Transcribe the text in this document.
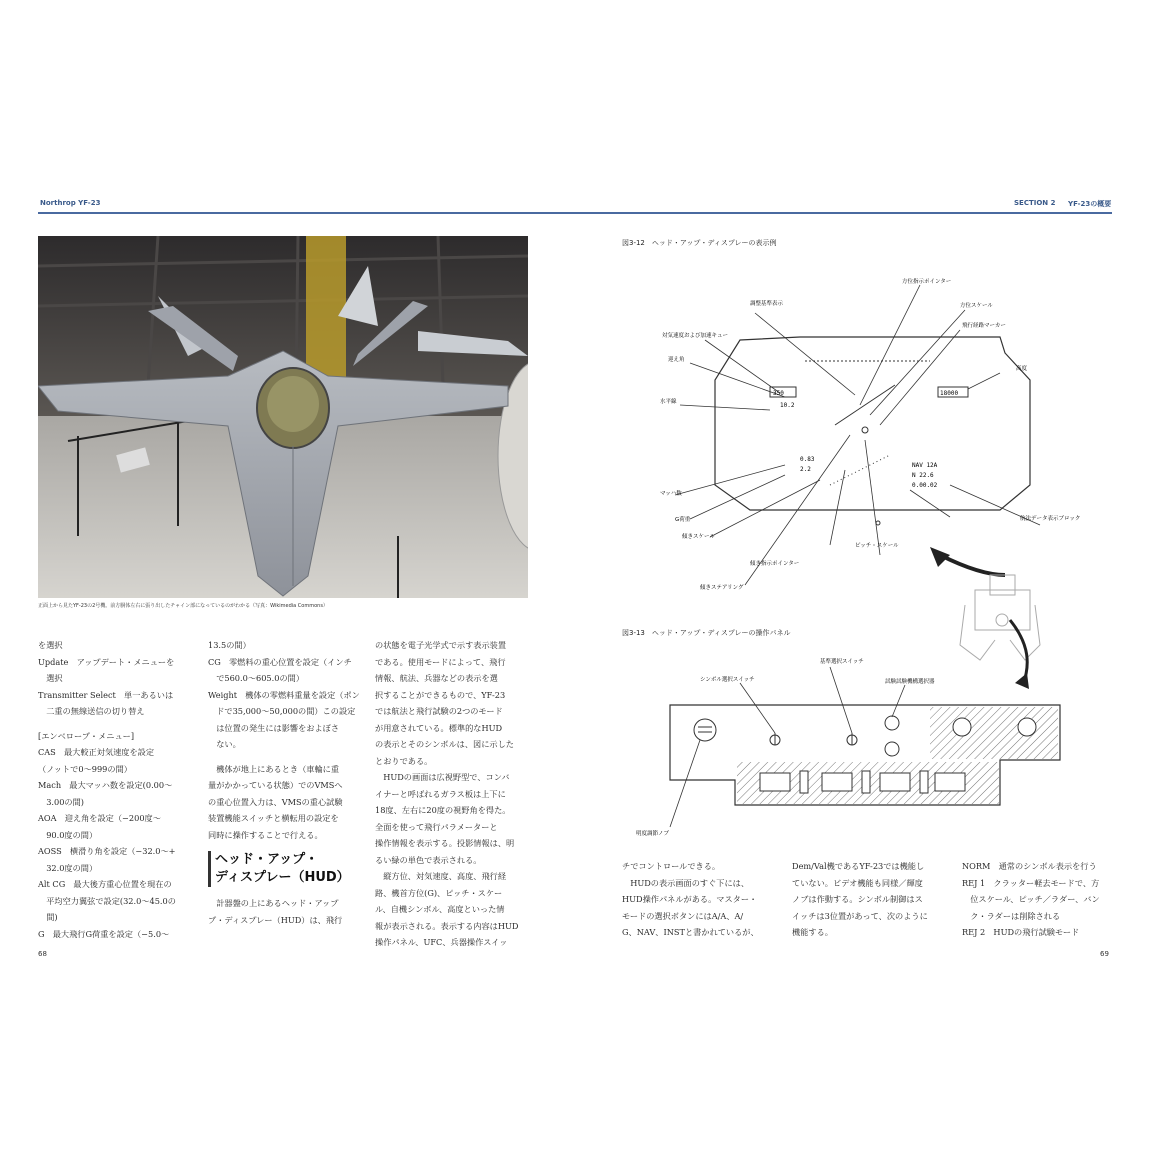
Northrop YF-23	SECTION 2 YF-23の概要
正面上から見たYF-23の2号機。前方胴体左右に張り出したチャイン部になっているのがわかる（写真：Wikimedia Commons）
を選択
Update　アップデート・メニューを
　選択
Transmitter Select　単一あるいは
　二重の無線送信の切り替え
[エンベロープ・メニュー]
CAS　最大較正対気速度を設定
（ノットで0〜999の間）
Mach　最大マッハ数を設定(0.00〜
　3.00の間)
AOA　迎え角を設定（−200度〜
　90.0度の間）
AOSS　横滑り角を設定（−32.0〜+
　32.0度の間）
Alt CG　最大後方重心位置を現在の
　平均空力翼弦で設定(32.0〜45.0の
　間)
G　最大飛行G荷重を設定（−5.0〜
13.5の間）
CG　零燃料の重心位置を設定（インチ
　で560.0〜605.0の間）
Weight　機体の零燃料重量を設定（ポン
　ドで35,000〜50,000の間）この設定
　は位置の発生には影響をおよぼさ
　ない。
　機体が地上にあるとき（車輪に重
量がかかっている状態）でのVMSへ
の重心位置入力は、VMSの重心試験
装置機能スイッチと横転用の設定を
同時に操作することで行える。
ヘッド・アップ・
ディスプレー（HUD）
　計器盤の上にあるヘッド・アップ
プ・ディスプレー（HUD）は、飛行
の状態を電子光学式で示す表示装置
である。使用モードによって、飛行
情報、航法、兵器などの表示を選
択することができるもので、YF-23
では航法と飛行試験の2つのモード
が用意されている。標準的なHUD
の表示とそのシンボルは、図に示した
とおりである。
　HUDの画面は広視野型で、コンバ
イナーと呼ばれるガラス板は上下に
18度、左右に20度の視野角を得た。
全面を使って飛行パラメーターと
操作情報を表示する。投影情報は、明
るい緑の単色で表示される。
　縦方位、対気速度、高度、飛行経
路、機首方位(G)、ピッチ・スケー
ル、自機シンボル、高度といった情
報が表示される。表示する内容はHUD
操作パネル、UFC、兵器操作スイッ
68
図3-12　ヘッド・アップ・ディスプレーの表示例
350
10.2
18000
0.83
2.2
NAV 12A
N 22.6
0.00.02
方位指示ポインター
方位スケール
調整基準表示
飛行経路マーカー
対気速度および加速キュー
高度
迎え角
水平線
マッハ数
G荷重
傾きスケール
ピッチ・スケール
傾き指示ポインター
航法データ表示ブロック
傾きステアリング
図3-13　ヘッド・アップ・ディスプレーの操作パネル
シンボル選択スイッチ
基準選択スイッチ
試験試験機構選択器
明度調節ノブ
チでコントロールできる。
　HUDの表示画面のすぐ下には、
HUD操作パネルがある。マスター・
モードの選択ボタンにはA/A、A/
G、NAV、INSTと書かれているが、
Dem/Val機であるYF-23では機能し
ていない。ビデオ機能も同様／輝度
ノブは作動する。シンボル制御はス
イッチは3位置があって、次のように
機能する。
NORM　通常のシンボル表示を行う
REJ 1　クラッター軽去モードで、方
　位スケール、ピッチ／ラダー、バン
　ク・ラダーは削除される
REJ 2　HUDの飛行試験モード
69
